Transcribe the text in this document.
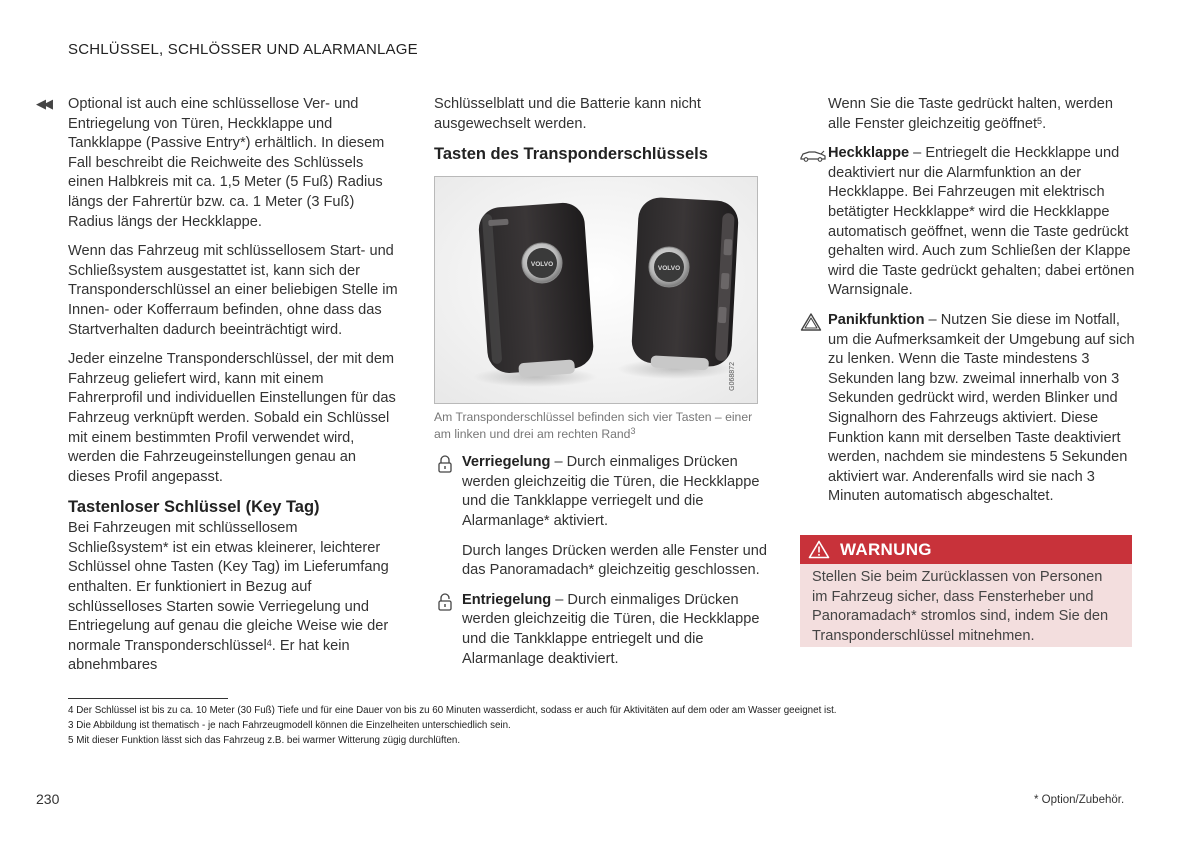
SCHLÜSSEL, SCHLÖSSER UND ALARMANLAGE
◀◀ Optional ist auch eine schlüssellose Ver- und Entriegelung von Türen, Heckklappe und Tankklappe (Passive Entry*) erhältlich. In diesem Fall beschreibt die Reichweite des Schlüssels einen Halbkreis mit ca. 1,5 Meter (5 Fuß) Radius längs der Fahrertür bzw. ca. 1 Meter (3 Fuß) Radius längs der Heckklappe.

Wenn das Fahrzeug mit schlüssellosem Start- und Schließsystem ausgestattet ist, kann sich der Transponderschlüssel an einer beliebigen Stelle im Innen- oder Kofferraum befinden, ohne dass das Startverhalten dadurch beeinträchtigt wird.

Jeder einzelne Transponderschlüssel, der mit dem Fahrzeug geliefert wird, kann mit einem Fahrerprofil und individuellen Einstellungen für das Fahrzeug verknüpft werden. Sobald ein Schlüssel mit einem bestimmten Profil verwendet wird, werden die Fahrzeugeinstellungen genau an dieses Profil angepasst.

Tastenloser Schlüssel (Key Tag)

Bei Fahrzeugen mit schlüssellosem Schließsystem* ist ein etwas kleinerer, leichterer Schlüssel ohne Tasten (Key Tag) im Lieferumfang enthalten. Er funktioniert in Bezug auf schlüsselloses Starten sowie Verriegelung und Entriegelung auf genau die gleiche Weise wie der normale Transponderschlüssel$^4$. Er hat kein abnehmbares

Schlüsselblatt und die Batterie kann nicht ausgewechselt werden.

Tasten des Transponderschlüssels
VOLVO
VOLVO
G068872
Am Transponderschlüssel befinden sich vier Tasten – einer am linken und drei am rechten Rand$^3$
Verriegelung – Durch einmaliges Drücken werden gleichzeitig die Türen, die Heckklappe und die Tankklappe verriegelt und die Alarmanlage* aktiviert.

Durch langes Drücken werden alle Fenster und das Panoramadach* gleichzeitig geschlossen.

Entriegelung – Durch einmaliges Drücken werden gleichzeitig die Türen, die Heckklappe und die Tankklappe entriegelt und die Alarmanlage deaktiviert.

Wenn Sie die Taste gedrückt halten, werden alle Fenster gleichzeitig geöffnet$^5$.

Heckklappe – Entriegelt die Heckklappe und deaktiviert nur die Alarmfunktion an der Heckklappe. Bei Fahrzeugen mit elektrisch betätigter Heckklappe* wird die Heckklappe automatisch geöffnet, wenn die Taste gedrückt gehalten wird. Auch zum Schließen der Klappe wird die Taste gedrückt gehalten; dabei ertönen Warnsignale.
Panikfunktion – Nutzen Sie diese im Notfall, um die Aufmerksamkeit der Umgebung auf sich zu lenken. Wenn die Taste mindestens 3 Sekunden lang bzw. zweimal innerhalb von 3 Sekunden gedrückt wird, werden Blinker und Signalhorn des Fahrzeugs aktiviert. Diese Funktion kann mit derselben Taste deaktiviert werden, nachdem sie mindestens 5 Sekunden aktiviert war. Anderenfalls wird sie nach 3 Minuten automatisch abgeschaltet.
WARNUNG
Stellen Sie beim Zurücklassen von Personen im Fahrzeug sicher, dass Fensterheber und Panoramadach* stromlos sind, indem Sie den Transponderschlüssel mitnehmen.
4 Der Schlüssel ist bis zu ca. 10 Meter (30 Fuß) Tiefe und für eine Dauer von bis zu 60 Minuten wasserdicht, sodass er auch für Aktivitäten auf dem oder am Wasser geeignet ist.
3 Die Abbildung ist thematisch - je nach Fahrzeugmodell können die Einzelheiten unterschiedlich sein.
5 Mit dieser Funktion lässt sich das Fahrzeug z.B. bei warmer Witterung zügig durchlüften.
230	* Option/Zubehör.
